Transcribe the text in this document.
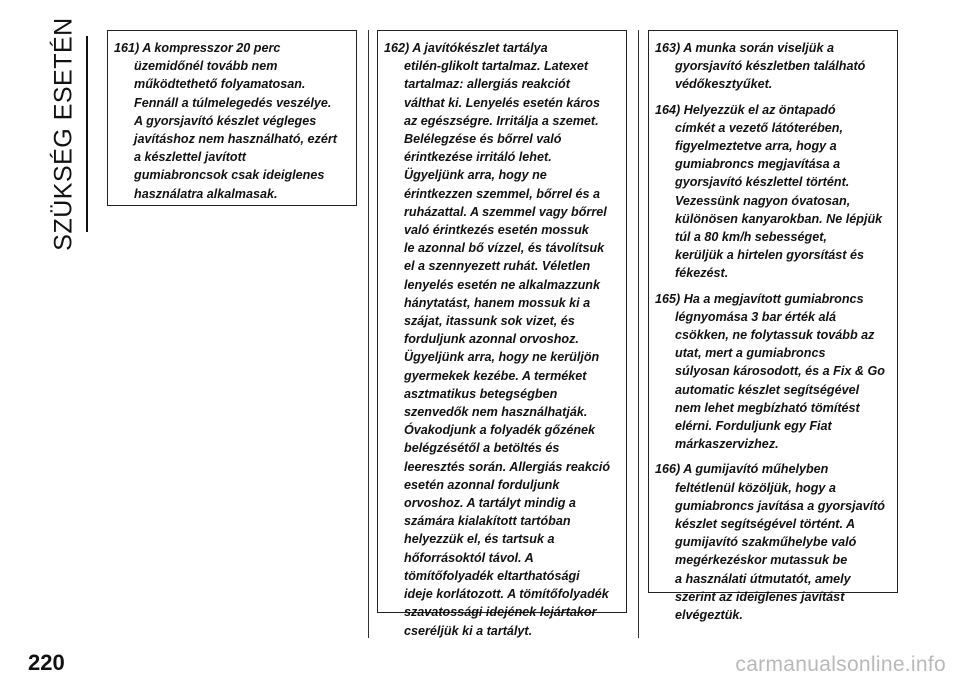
SZÜKSÉG ESETÉN	161) A kompresszor 20 perc
üzemidőnél tovább nem
működtethető folyamatosan.
Fennáll a túlmelegedés veszélye.
A gyorsjavító készlet végleges
javításhoz nem használható, ezért
a készlettel javított
gumiabroncsok csak ideiglenes
használatra alkalmasak.

162) A javítókészlet tartálya
etilén-glikolt tartalmaz. Latexet
tartalmaz: allergiás reakciót
válthat ki. Lenyelés esetén káros
az egészségre. Irritálja a szemet.
Belélegzése és bőrrel való
érintkezése irritáló lehet.
Ügyeljünk arra, hogy ne
érintkezzen szemmel, bőrrel és a
ruházattal. A szemmel vagy bőrrel
való érintkezés esetén mossuk
le azonnal bő vízzel, és távolítsuk
el a szennyezett ruhát. Véletlen
lenyelés esetén ne alkalmazzunk
hánytatást, hanem mossuk ki a
szájat, itassunk sok vizet, és
forduljunk azonnal orvoshoz.
Ügyeljünk arra, hogy ne kerüljön
gyermekek kezébe. A terméket
asztmatikus betegségben
szenvedők nem használhatják.
Óvakodjunk a folyadék gőzének
belégzésétől a betöltés és
leeresztés során. Allergiás reakció
esetén azonnal forduljunk
orvoshoz. A tartályt mindig a
számára kialakított tartóban
helyezzük el, és tartsuk a
hőforrásoktól távol. A
tömítőfolyadék eltarthatósági
ideje korlátozott. A tömítőfolyadék
szavatossági idejének lejártakor
cseréljük ki a tartályt.

163) A munka során viseljük a
gyorsjavító készletben található
védőkesztyűket.

164) Helyezzük el az öntapadó
címkét a vezető látóterében,
figyelmeztetve arra, hogy a
gumiabroncs megjavítása a
gyorsjavító készlettel történt.
Vezessünk nagyon óvatosan,
különösen kanyarokban. Ne lépjük
túl a 80 km/h sebességet,
kerüljük a hirtelen gyorsítást és
fékezést.

165) Ha a megjavított gumiabroncs
légnyomása 3 bar érték alá
csökken, ne folytassuk tovább az
utat, mert a gumiabroncs
súlyosan károsodott, és a Fix & Go
automatic készlet segítségével
nem lehet megbízható tömítést
elérni. Forduljunk egy Fiat
márkaszervizhez.

166) A gumijavító műhelyben
feltétlenül közöljük, hogy a
gumiabroncs javítása a gyorsjavító
készlet segítségével történt. A
gumijavító szakműhelybe való
megérkezéskor mutassuk be
a használati útmutatót, amely
szerint az ideiglenes javítást
elvégeztük.

220	carmanualsonline.info
